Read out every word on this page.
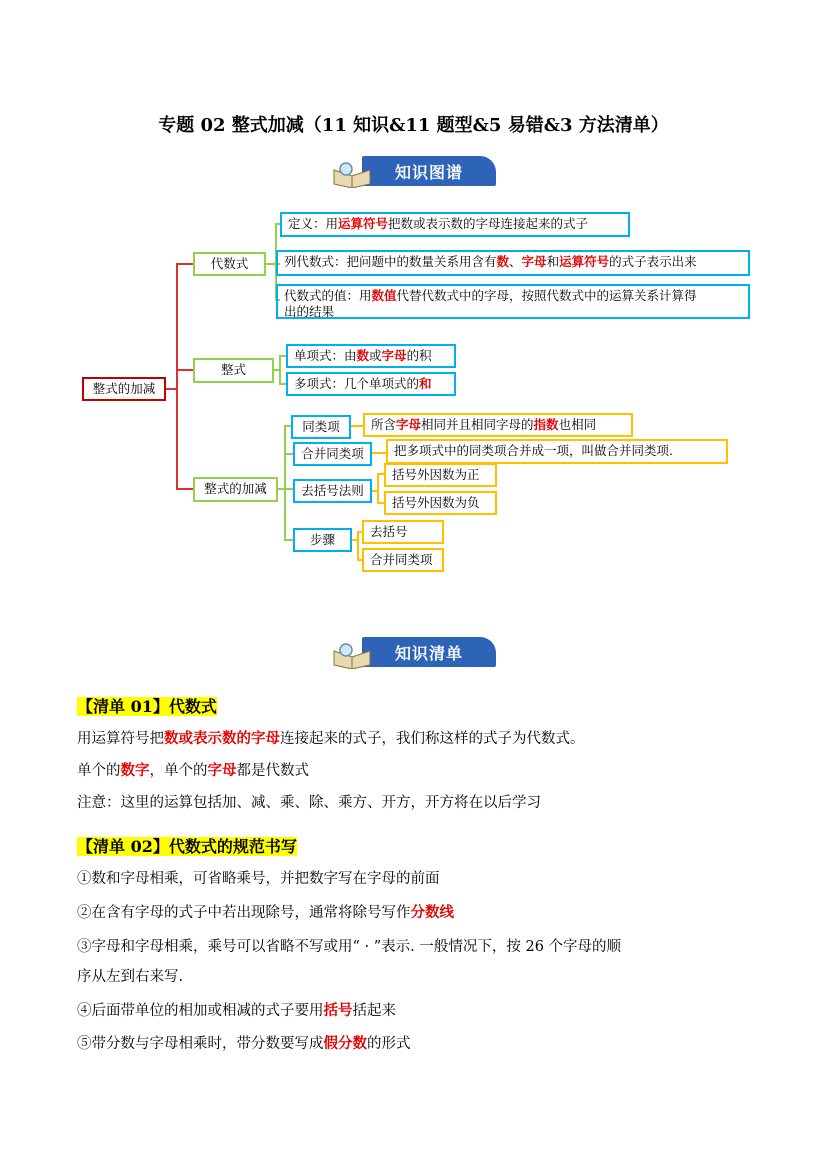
专题 02 整式加减（11 知识&11 题型&5 易错&3 方法清单）
知识图谱
整式的加减
代数式
定义：用运算符号把数或表示数的字母连接起来的式子
列代数式：把问题中的数量关系用含有数、字母和运算符号的式子表示出来
代数式的值：用数值代替代数式中的字母，按照代数式中的运算关系计算得
出的结果
整式
单项式：由数或字母的积
多项式：几个单项式的和
整式的加减
同类项	所含字母相同并且相同字母的指数也相同
合并同类项	把多项式中的同类项合并成一项，叫做合并同类项.
去括号法则
括号外因数为正
括号外因数为负
步骤
去括号
合并同类项
知识清单
【清单 01】代数式
用运算符号把数或表示数的字母连接起来的式子，我们称这样的式子为代数式。
单个的数字，单个的字母都是代数式
注意：这里的运算包括加、减、乘、除、乘方、开方，开方将在以后学习
【清单 02】代数式的规范书写
①数和字母相乘，可省略乘号，并把数字写在字母的前面
②在含有字母的式子中若出现除号，通常将除号写作分数线
③字母和字母相乘，乘号可以省略不写或用“ · ”表示. 一般情况下，按 26 个字母的顺
序从左到右来写.
④后面带单位的相加或相减的式子要用括号括起来
⑤带分数与字母相乘时，带分数要写成假分数的形式
